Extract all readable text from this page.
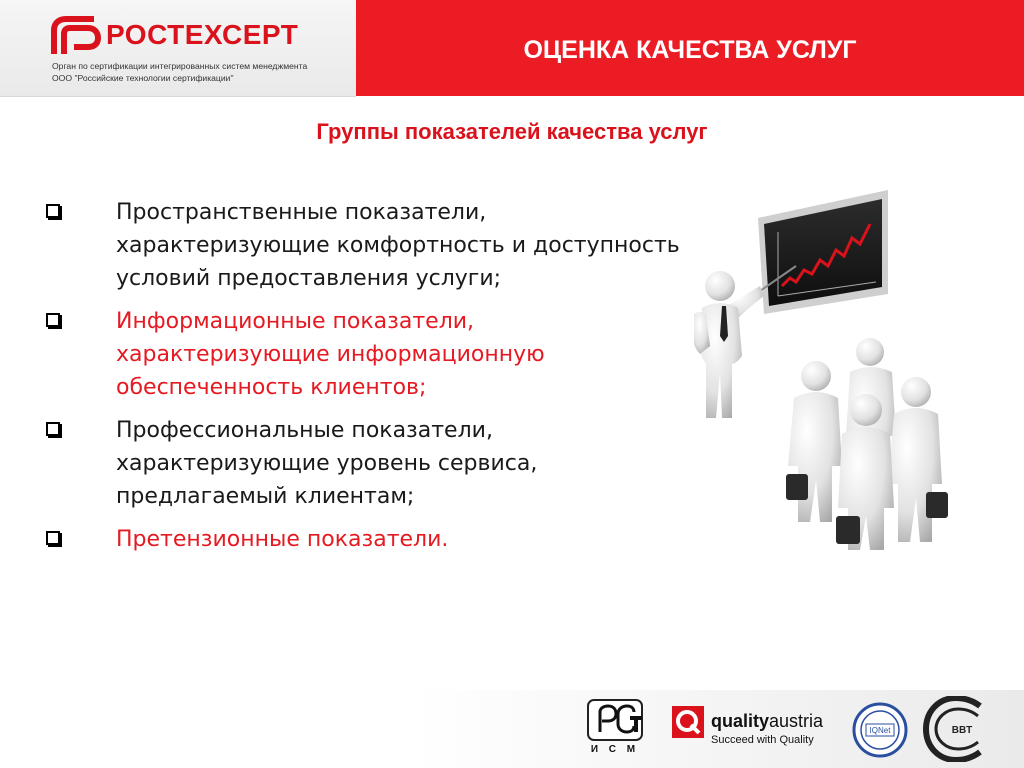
РОСТЕХСЕРТ
Орган по сертификации интегрированных систем менеджмента
ООО "Российские технологии сертификации"
ОЦЕНКА КАЧЕСТВА УСЛУГ
Группы показателей качества услуг
Пространственные показатели, характеризующие комфортность и доступность условий предоставления услуги;
Информационные показатели, характеризующие информационную обеспеченность клиентов;
Профессиональные показатели, характеризующие уровень сервиса, предлагаемый клиентам;
Претензионные показатели.
И С М
qualityaustria
Succeed with Quality
IQNet	BBT
